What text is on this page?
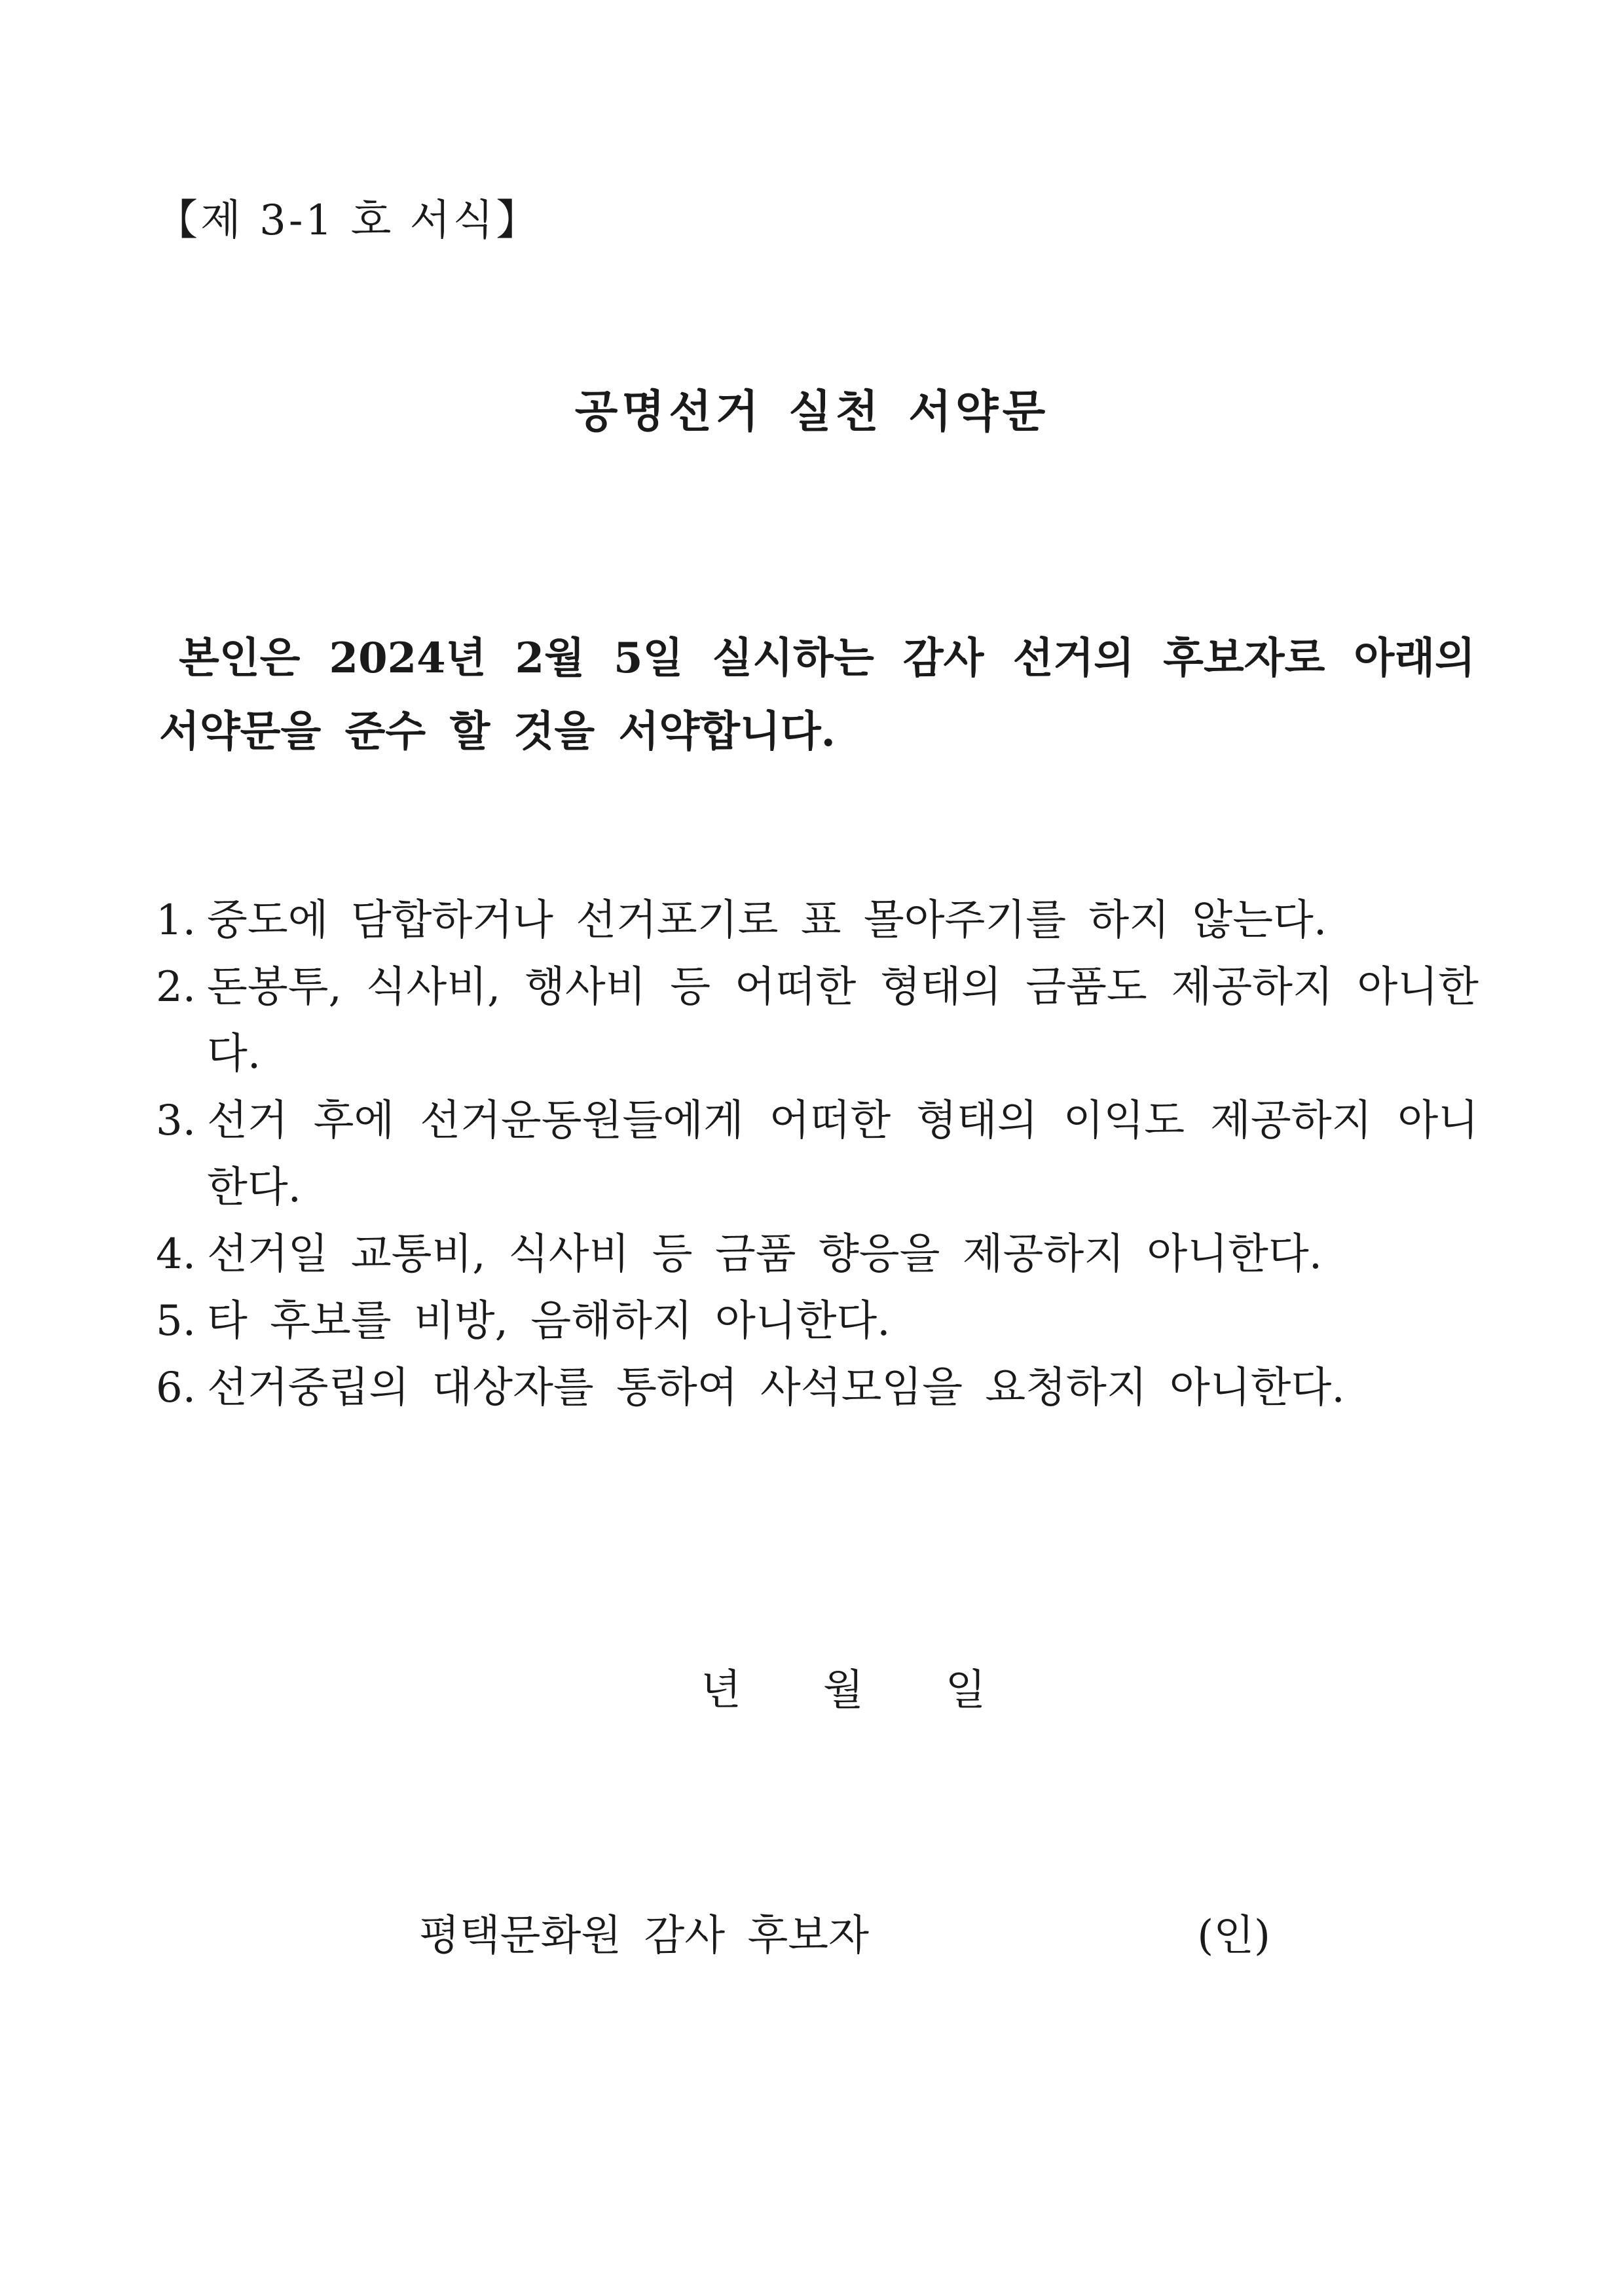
【제 3-1 호 서식】
공명선거 실천 서약문
본인은 2024년 2월 5일 실시하는 감사 선거의 후보자로 아래의 서약문을 준수 할 것을 서약합니다.
1. 중도에 담합하거나 선거포기로 표 몰아주기를 하지 않는다.
2. 돈봉투, 식사비, 행사비 등 어떠한 형태의 금품도 제공하지 아니한다.
3. 선거 후에 선거운동원들에게 어떠한 형태의 이익도 제공하지 아니한다.
4. 선거일 교통비, 식사비 등 금품 향응을 제공하지 아니한다.
5. 타 후보를 비방, 음해하지 아니한다.
6. 선거중립의 대상자를 통하여 사석모임을 요청하지 아니한다.
년 월 일
평택문화원 감사 후보자	(인)
